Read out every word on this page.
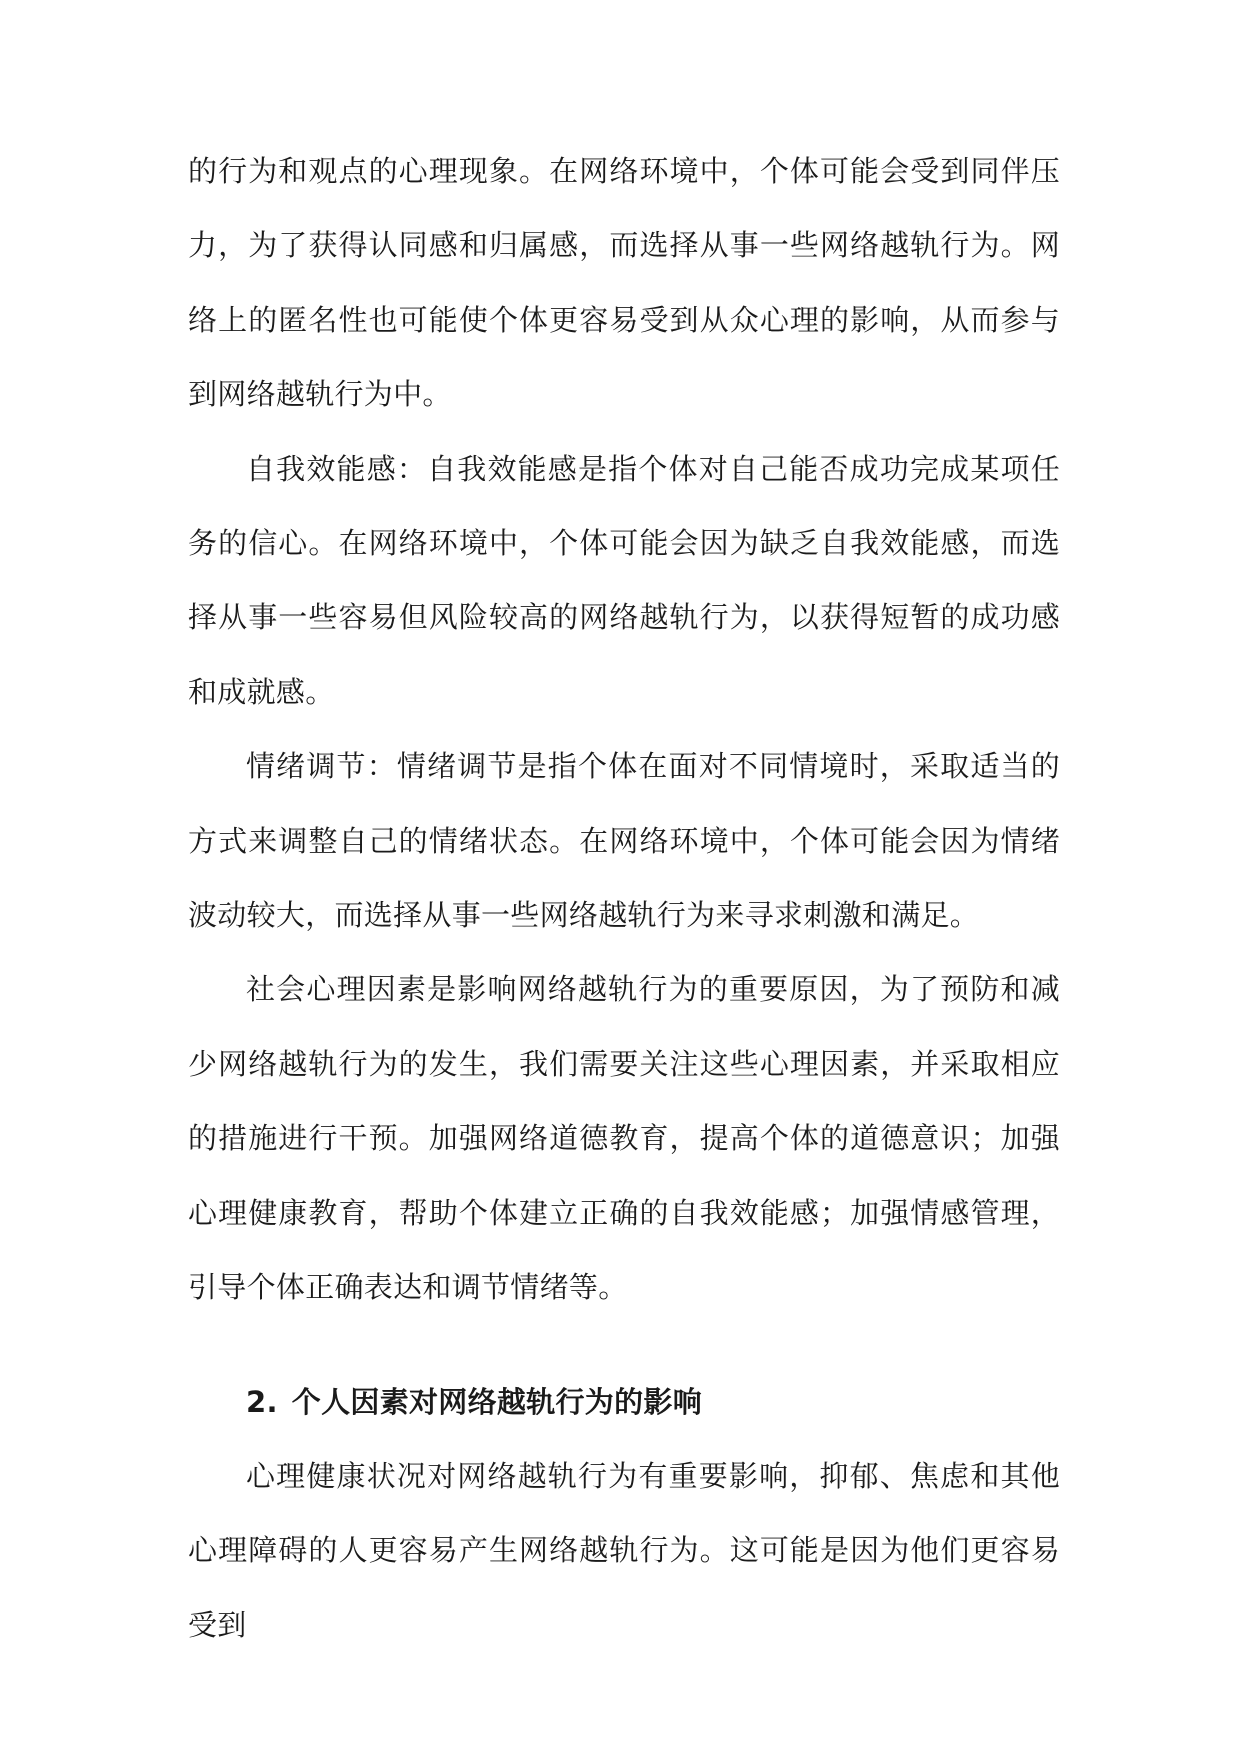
的行为和观点的心理现象。在网络环境中，个体可能会受到同伴压力，为了获得认同感和归属感，而选择从事一些网络越轨行为。网络上的匿名性也可能使个体更容易受到从众心理的影响，从而参与到网络越轨行为中。

自我效能感：自我效能感是指个体对自己能否成功完成某项任务的信心。在网络环境中，个体可能会因为缺乏自我效能感，而选择从事一些容易但风险较高的网络越轨行为，以获得短暂的成功感和成就感。

情绪调节：情绪调节是指个体在面对不同情境时，采取适当的方式来调整自己的情绪状态。在网络环境中，个体可能会因为情绪波动较大，而选择从事一些网络越轨行为来寻求刺激和满足。

社会心理因素是影响网络越轨行为的重要原因，为了预防和减少网络越轨行为的发生，我们需要关注这些心理因素，并采取相应的措施进行干预。加强网络道德教育，提高个体的道德意识；加强心理健康教育，帮助个体建立正确的自我效能感；加强情感管理，引导个体正确表达和调节情绪等。

2. 个人因素对网络越轨行为的影响

心理健康状况对网络越轨行为有重要影响，抑郁、焦虑和其他心理障碍的人更容易产生网络越轨行为。这可能是因为他们更容易受到
